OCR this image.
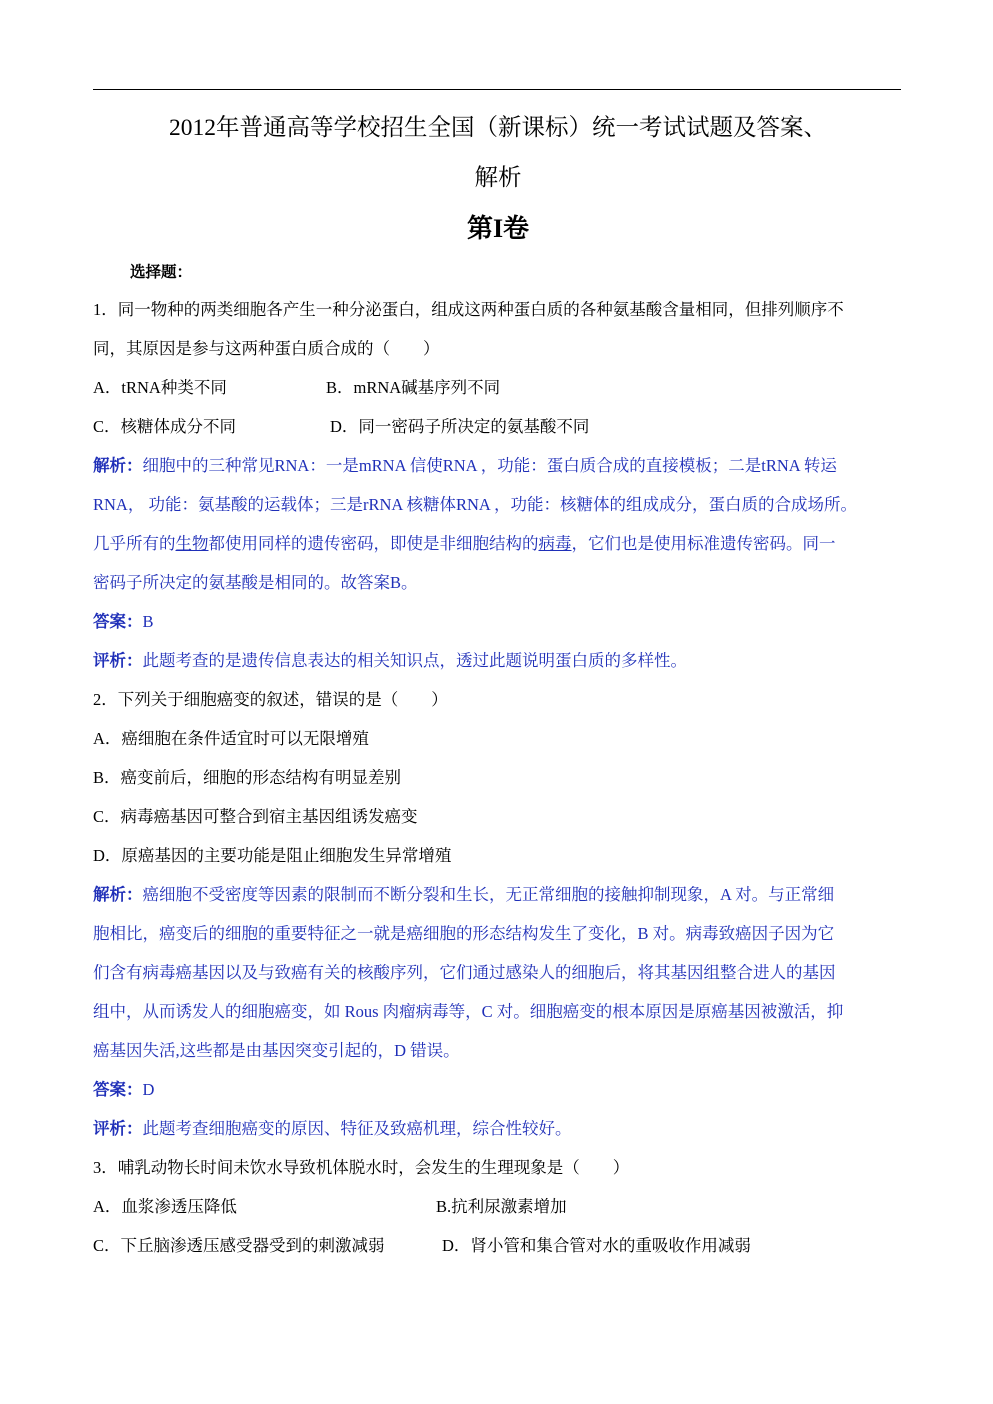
2012年普通高等学校招生全国（新课标）统一考试试题及答案、
解析
第I卷
选择题：
1．同一物种的两类细胞各产生一种分泌蛋白，组成这两种蛋白质的各种氨基酸含量相同，但排列顺序不
同，其原因是参与这两种蛋白质合成的（　　）
A．tRNA种类不同	B．mRNA碱基序列不同
C．核糖体成分不同	D．同一密码子所决定的氨基酸不同
解析：细胞中的三种常见RNA：一是mRNA 信使RNA ，功能：蛋白质合成的直接模板；二是tRNA 转运
RNA， 功能：氨基酸的运载体；三是rRNA 核糖体RNA ，功能：核糖体的组成成分，蛋白质的合成场所。
几乎所有的生物都使用同样的遗传密码，即使是非细胞结构的病毒，它们也是使用标准遗传密码。同一
密码子所决定的氨基酸是相同的。故答案B。
答案：B
评析：此题考查的是遗传信息表达的相关知识点，透过此题说明蛋白质的多样性。
2．下列关于细胞癌变的叙述，错误的是（　　）
A．癌细胞在条件适宜时可以无限增殖
B．癌变前后，细胞的形态结构有明显差别
C．病毒癌基因可整合到宿主基因组诱发癌变
D．原癌基因的主要功能是阻止细胞发生异常增殖
解析：癌细胞不受密度等因素的限制而不断分裂和生长，无正常细胞的接触抑制现象，A 对。与正常细
胞相比，癌变后的细胞的重要特征之一就是癌细胞的形态结构发生了变化，B 对。病毒致癌因子因为它
们含有病毒癌基因以及与致癌有关的核酸序列，它们通过感染人的细胞后，将其基因组整合进人的基因
组中，从而诱发人的细胞癌变，如 Rous 肉瘤病毒等，C 对。细胞癌变的根本原因是原癌基因被激活，抑
癌基因失活,这些都是由基因突变引起的，D 错误。
答案：D
评析：此题考查细胞癌变的原因、特征及致癌机理，综合性较好。
3．哺乳动物长时间未饮水导致机体脱水时，会发生的生理现象是（　　）
A．血浆渗透压降低	B.抗利尿激素增加
C．下丘脑渗透压感受器受到的刺激减弱	D．肾小管和集合管对水的重吸收作用减弱
